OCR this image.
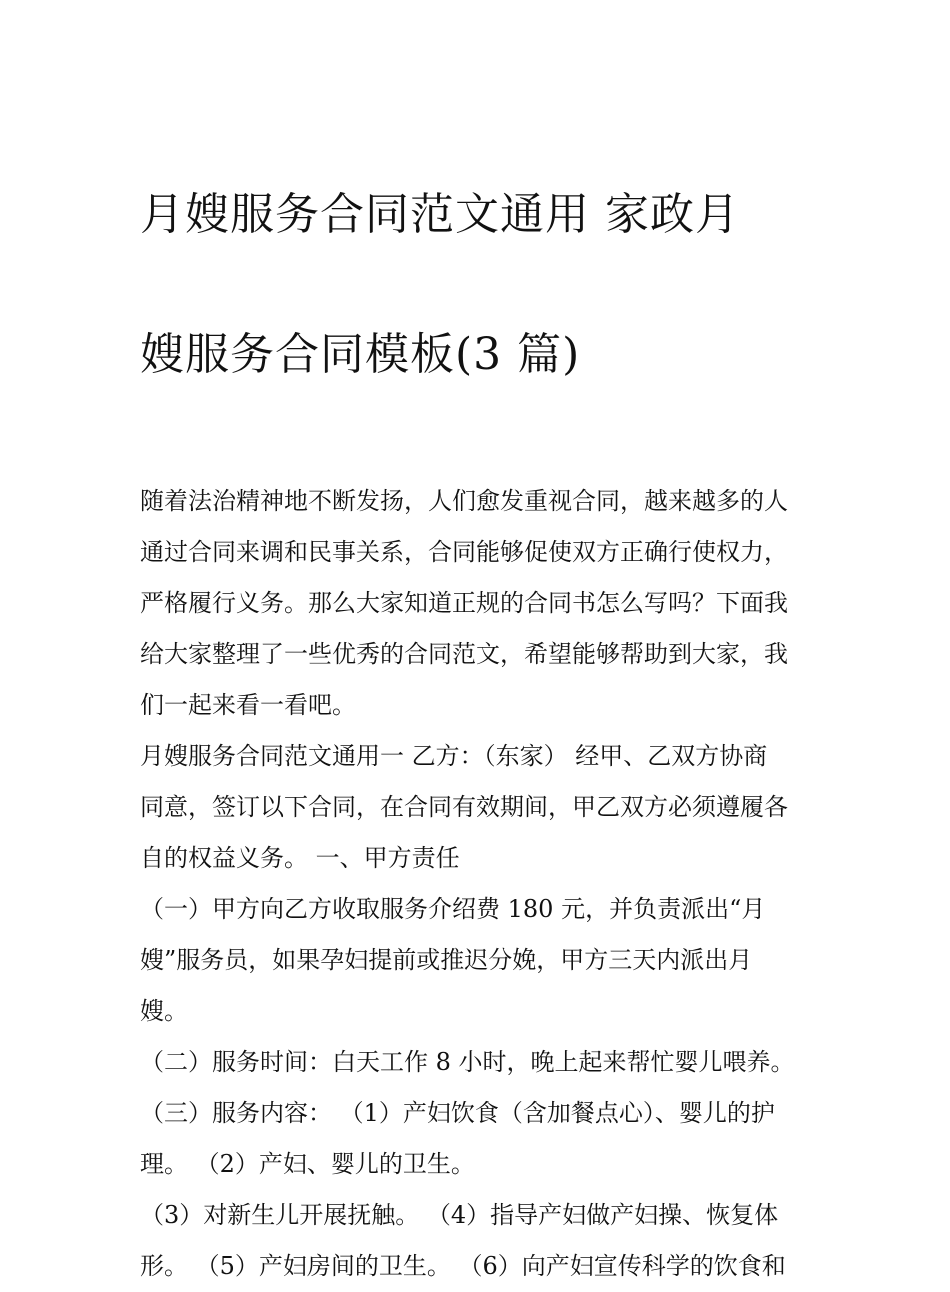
月嫂服务合同范文通用 家政月

嫂服务合同模板(3 篇)

随着法治精神地不断发扬，人们愈发重视合同，越来越多的人
通过合同来调和民事关系，合同能够促使双方正确行使权力，
严格履行义务。那么大家知道正规的合同书怎么写吗？下面我
给大家整理了一些优秀的合同范文，希望能够帮助到大家，我
们一起来看一看吧。
月嫂服务合同范文通用一 乙方：（东家） 经甲、乙双方协商
同意，签订以下合同，在合同有效期间，甲乙双方必须遵履各
自的权益义务。 一、甲方责任
（一）甲方向乙方收取服务介绍费 180 元，并负责派出“月
嫂”服务员，如果孕妇提前或推迟分娩，甲方三天内派出月
嫂。
（二）服务时间：白天工作 8 小时，晚上起来帮忙婴儿喂养。
（三）服务内容： （1）产妇饮食（含加餐点心）、婴儿的护
理。 （2）产妇、婴儿的卫生。
（3）对新生儿开展抚触。 （4）指导产妇做产妇操、恢复体
形。 （5）产妇房间的卫生。 （6）向产妇宣传科学的饮食和
